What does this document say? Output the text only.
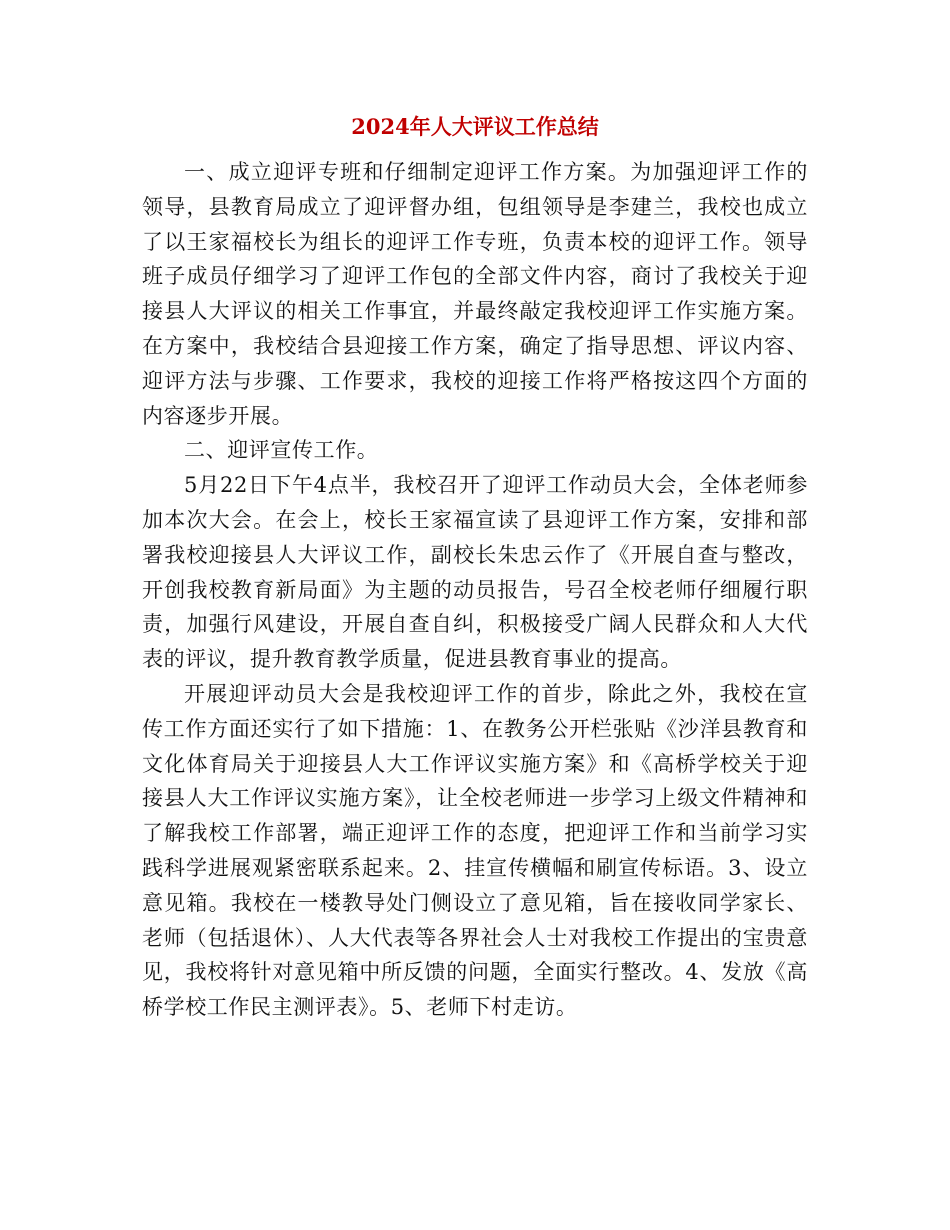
2024年人大评议工作总结

一、成立迎评专班和仔细制定迎评工作方案。为加强迎评工作的领导，县教育局成立了迎评督办组，包组领导是李建兰，我校也成立了以王家福校长为组长的迎评工作专班，负责本校的迎评工作。领导班子成员仔细学习了迎评工作包的全部文件内容，商讨了我校关于迎接县人大评议的相关工作事宜，并最终敲定我校迎评工作实施方案。在方案中，我校结合县迎接工作方案，确定了指导思想、评议内容、迎评方法与步骤、工作要求，我校的迎接工作将严格按这四个方面的内容逐步开展。

二、迎评宣传工作。

5月22日下午4点半，我校召开了迎评工作动员大会，全体老师参加本次大会。在会上，校长王家福宣读了县迎评工作方案，安排和部署我校迎接县人大评议工作，副校长朱忠云作了《开展自查与整改，开创我校教育新局面》为主题的动员报告，号召全校老师仔细履行职责，加强行风建设，开展自查自纠，积极接受广阔人民群众和人大代表的评议，提升教育教学质量，促进县教育事业的提高。

开展迎评动员大会是我校迎评工作的首步，除此之外，我校在宣传工作方面还实行了如下措施：1、在教务公开栏张贴《沙洋县教育和文化体育局关于迎接县人大工作评议实施方案》和《高桥学校关于迎接县人大工作评议实施方案》，让全校老师进一步学习上级文件精神和了解我校工作部署，端正迎评工作的态度，把迎评工作和当前学习实践科学进展观紧密联系起来。2、挂宣传横幅和刷宣传标语。3、设立意见箱。我校在一楼教导处门侧设立了意见箱，旨在接收同学家长、老师（包括退休）、人大代表等各界社会人士对我校工作提出的宝贵意见，我校将针对意见箱中所反馈的问题，全面实行整改。4、发放《高桥学校工作民主测评表》。5、老师下村走访。
